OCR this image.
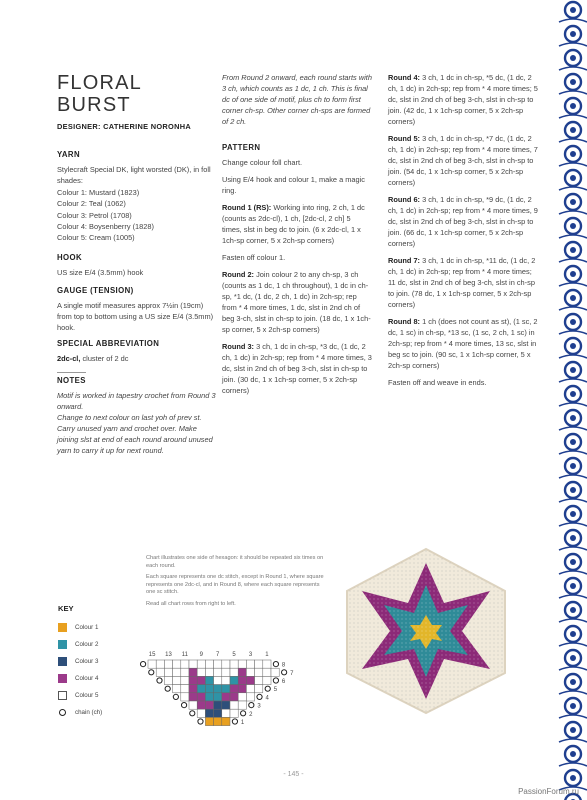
FLORAL BURST
DESIGNER: CATHERINE NORONHA
YARN
Stylecraft Special DK, light worsted (DK), in foll shades:
Colour 1: Mustard (1823)
Colour 2: Teal (1062)
Colour 3: Petrol (1708)
Colour 4: Boysenberry (1828)
Colour 5: Cream (1005)
HOOK
US size E/4 (3.5mm) hook
GAUGE (TENSION)
A single motif measures approx 7½in (19cm) from top to bottom using a US size E/4 (3.5mm) hook.
SPECIAL ABBREVIATION
2dc-cl, cluster of 2 dc
NOTES
Motif is worked in tapestry crochet from Round 3 onward.
Change to next colour on last yoh of prev st. Carry unused yarn and crochet over. Make joining slst at end of each round around unused yarn to carry it up for next round.
From Round 2 onward, each round starts with 3 ch, which counts as 1 dc, 1 ch. This is final dc of one side of motif, plus ch to form first corner ch-sp. Other corner ch-sps are formed of 2 ch.
PATTERN
Change colour foll chart.
Using E/4 hook and colour 1, make a magic ring.
Round 1 (RS): Working into ring, 2 ch, 1 dc (counts as 2dc-cl), 1 ch, [2dc-cl, 2 ch] 5 times, slst in beg dc to join. (6 x 2dc-cl, 1 x 1ch-sp corner, 5 x 2ch-sp corners)
Fasten off colour 1.
Round 2: Join colour 2 to any ch-sp, 3 ch (counts as 1 dc, 1 ch throughout), 1 dc in ch-sp, *1 dc, (1 dc, 2 ch, 1 dc) in 2ch-sp; rep from * 4 more times, 1 dc, slst in 2nd ch of beg 3-ch, slst in ch-sp to join. (18 dc, 1 x 1ch-sp corner, 5 x 2ch-sp corners)
Round 3: 3 ch, 1 dc in ch-sp, *3 dc, (1 dc, 2 ch, 1 dc) in 2ch-sp; rep from * 4 more times, 3 dc, slst in 2nd ch of beg 3-ch, slst in ch-sp to join. (30 dc, 1 x 1ch-sp corner, 5 x 2ch-sp corners)
Round 4: 3 ch, 1 dc in ch-sp, *5 dc, (1 dc, 2 ch, 1 dc) in 2ch-sp; rep from * 4 more times; 5 dc, slst in 2nd ch of beg 3-ch, slst in ch-sp to join. (42 dc, 1 x 1ch-sp corner, 5 x 2ch-sp corners)
Round 5: 3 ch, 1 dc in ch-sp, *7 dc, (1 dc, 2 ch, 1 dc) in 2ch-sp; rep from * 4 more times, 7 dc, slst in 2nd ch of beg 3-ch, slst in ch-sp to join. (54 dc, 1 x 1ch-sp corner, 5 x 2ch-sp corners)
Round 6: 3 ch, 1 dc in ch-sp, *9 dc, (1 dc, 2 ch, 1 dc) in 2ch-sp; rep from * 4 more times, 9 dc, slst in 2nd ch of beg 3-ch, slst in ch-sp to join. (66 dc, 1 x 1ch-sp corner, 5 x 2ch-sp corners)
Round 7: 3 ch, 1 dc in ch-sp, *11 dc, (1 dc, 2 ch, 1 dc) in 2ch-sp; rep from * 4 more times; 11 dc, slst in 2nd ch of beg 3-ch, slst in ch-sp to join. (78 dc, 1 x 1ch-sp corner, 5 x 2ch-sp corners)
Round 8: 1 ch (does not count as st), (1 sc, 2 dc, 1 sc) in ch-sp, *13 sc, (1 sc, 2 ch, 1 sc) in 2ch-sp; rep from * 4 more times, 13 sc, slst in beg sc to join. (90 sc, 1 x 1ch-sp corner, 5 x 2ch-sp corners)
Fasten off and weave in ends.
Chart illustrates one side of hexagon: it should be repeated six times on each round.
Each square represents one dc stitch, except in Round 1, where square represents one 2dc-cl, and in Round 8, where each square represents one sc stitch.
Read all chart rows from right to left.
KEY
Colour 1
Colour 2
Colour 3
Colour 4
Colour 5
chain (ch)
15 13 11 9 7 5 3 1
8
7
6
5
4
3
2
1
- 145 -
PassionForum.ru
